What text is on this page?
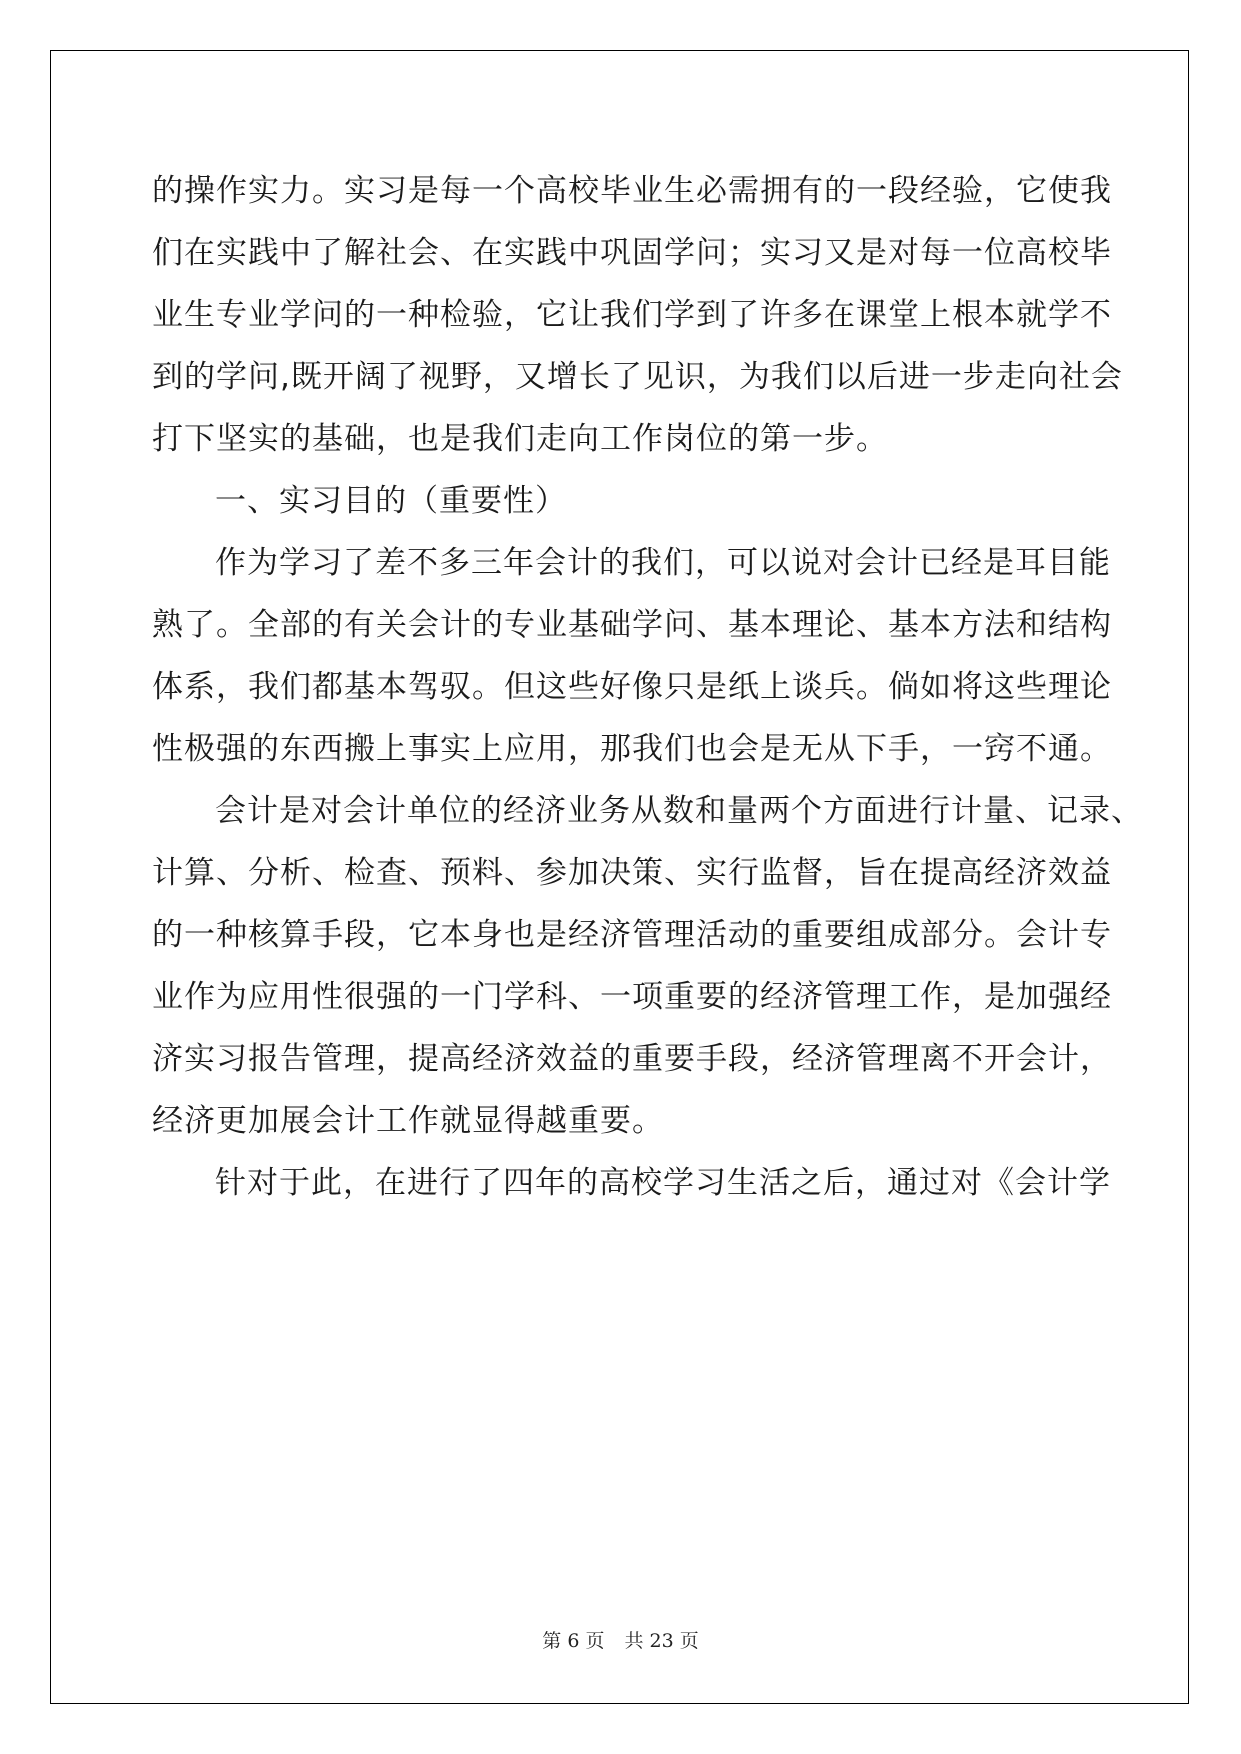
的操作实力。实习是每一个高校毕业生必需拥有的一段经验，它使我
们在实践中了解社会、在实践中巩固学问；实习又是对每一位高校毕
业生专业学问的一种检验，它让我们学到了许多在课堂上根本就学不
到的学问,既开阔了视野，又增长了见识，为我们以后进一步走向社会
打下坚实的基础，也是我们走向工作岗位的第一步。
一、实习目的（重要性）
作为学习了差不多三年会计的我们，可以说对会计已经是耳目能
熟了。全部的有关会计的专业基础学问、基本理论、基本方法和结构
体系，我们都基本驾驭。但这些好像只是纸上谈兵。倘如将这些理论
性极强的东西搬上事实上应用，那我们也会是无从下手，一窍不通。
会计是对会计单位的经济业务从数和量两个方面进行计量、记录、
计算、分析、检查、预料、参加决策、实行监督，旨在提高经济效益
的一种核算手段，它本身也是经济管理活动的重要组成部分。会计专
业作为应用性很强的一门学科、一项重要的经济管理工作，是加强经
济实习报告管理，提高经济效益的重要手段，经济管理离不开会计，
经济更加展会计工作就显得越重要。
针对于此，在进行了四年的高校学习生活之后，通过对《会计学
第 6 页 共 23 页
